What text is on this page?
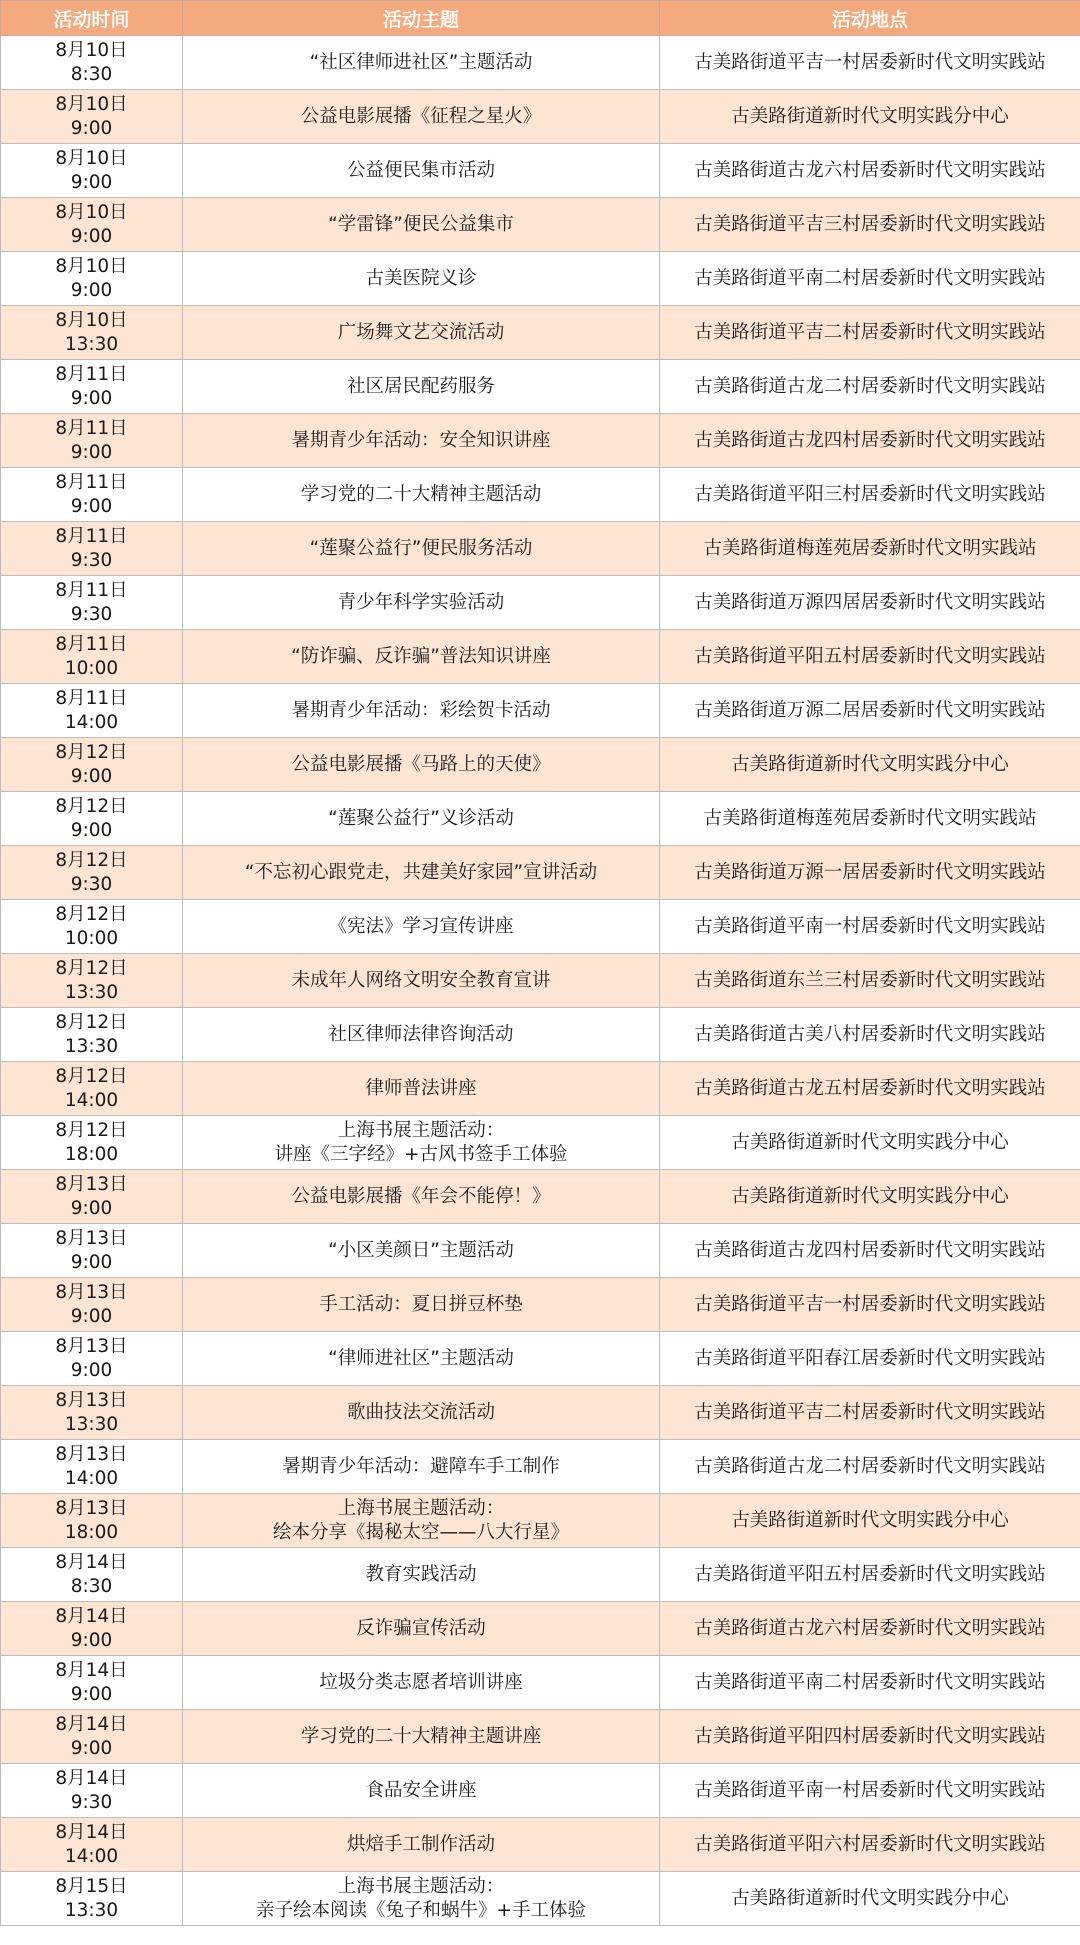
活动时间	活动主题	活动地点

8月10日
8:30	“社区律师进社区”主题活动	古美路街道平吉一村居委新时代文明实践站

8月10日
9:00	公益电影展播《征程之星火》	古美路街道新时代文明实践分中心

8月10日
9:00	公益便民集市活动	古美路街道古龙六村居委新时代文明实践站

8月10日
9:00	“学雷锋”便民公益集市	古美路街道平吉三村居委新时代文明实践站

8月10日
9:00	古美医院义诊	古美路街道平南二村居委新时代文明实践站

8月10日
13:30	广场舞文艺交流活动	古美路街道平吉二村居委新时代文明实践站

8月11日
9:00	社区居民配药服务	古美路街道古龙二村居委新时代文明实践站

8月11日
9:00	暑期青少年活动：安全知识讲座	古美路街道古龙四村居委新时代文明实践站

8月11日
9:00	学习党的二十大精神主题活动	古美路街道平阳三村居委新时代文明实践站

8月11日
9:30	“莲聚公益行”便民服务活动	古美路街道梅莲苑居委新时代文明实践站

8月11日
9:30	青少年科学实验活动	古美路街道万源四居居委新时代文明实践站

8月11日
10:00	“防诈骗、反诈骗”普法知识讲座	古美路街道平阳五村居委新时代文明实践站

8月11日
14:00	暑期青少年活动：彩绘贺卡活动	古美路街道万源二居居委新时代文明实践站

8月12日
9:00	公益电影展播《马路上的天使》	古美路街道新时代文明实践分中心

8月12日
9:00	“莲聚公益行”义诊活动	古美路街道梅莲苑居委新时代文明实践站

8月12日
9:30	“不忘初心跟党走，共建美好家园”宣讲活动	古美路街道万源一居居委新时代文明实践站

8月12日
10:00	《宪法》学习宣传讲座	古美路街道平南一村居委新时代文明实践站

8月12日
13:30	未成年人网络文明安全教育宣讲	古美路街道东兰三村居委新时代文明实践站

8月12日
13:30	社区律师法律咨询活动	古美路街道古美八村居委新时代文明实践站

8月12日
14:00	律师普法讲座	古美路街道古龙五村居委新时代文明实践站

8月12日
18:00	上海书展主题活动：
讲座《三字经》+古风书签手工体验	古美路街道新时代文明实践分中心

8月13日
9:00	公益电影展播《年会不能停！》	古美路街道新时代文明实践分中心

8月13日
9:00	“小区美颜日”主题活动	古美路街道古龙四村居委新时代文明实践站

8月13日
9:00	手工活动：夏日拼豆杯垫	古美路街道平吉一村居委新时代文明实践站

8月13日
9:00	“律师进社区”主题活动	古美路街道平阳春江居委新时代文明实践站

8月13日
13:30	歌曲技法交流活动	古美路街道平吉二村居委新时代文明实践站

8月13日
14:00	暑期青少年活动：避障车手工制作	古美路街道古龙二村居委新时代文明实践站

8月13日
18:00	上海书展主题活动：
绘本分享《揭秘太空——八大行星》	古美路街道新时代文明实践分中心

8月14日
8:30	教育实践活动	古美路街道平阳五村居委新时代文明实践站

8月14日
9:00	反诈骗宣传活动	古美路街道古龙六村居委新时代文明实践站

8月14日
9:00	垃圾分类志愿者培训讲座	古美路街道平南二村居委新时代文明实践站

8月14日
9:00	学习党的二十大精神主题讲座	古美路街道平阳四村居委新时代文明实践站

8月14日
9:30	食品安全讲座	古美路街道平南一村居委新时代文明实践站

8月14日
14:00	烘焙手工制作活动	古美路街道平阳六村居委新时代文明实践站

8月15日
13:30	上海书展主题活动：
亲子绘本阅读《兔子和蜗牛》+手工体验	古美路街道新时代文明实践分中心
